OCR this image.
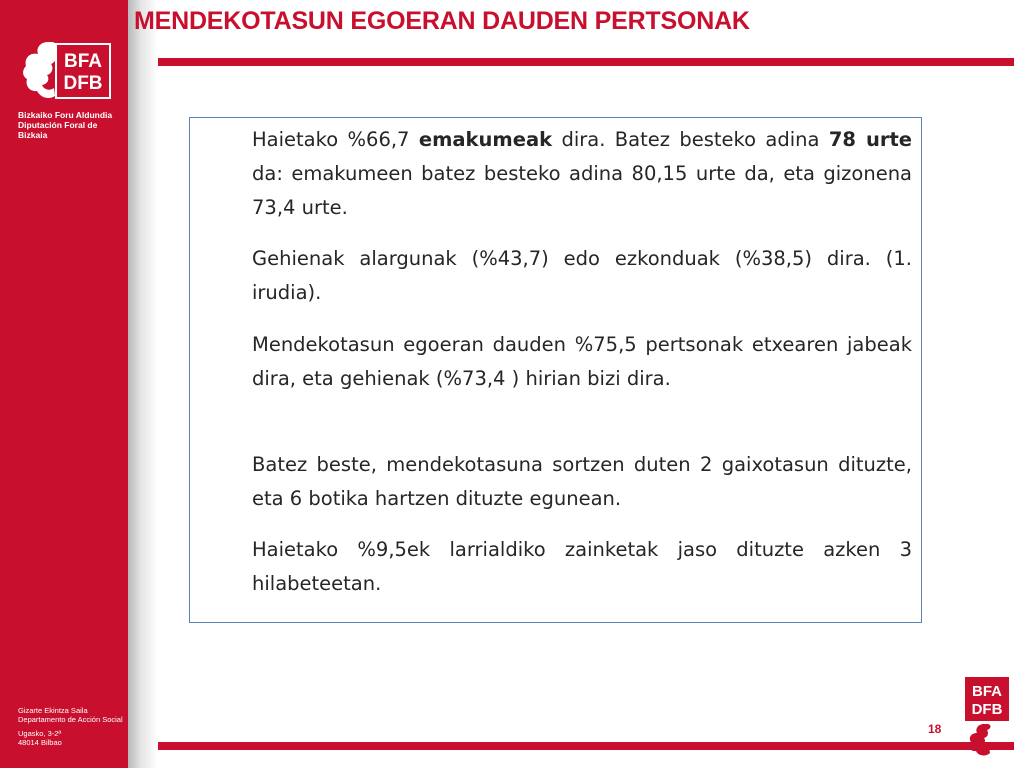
BFA
DFB
Bizkaiko Foru Aldundia
Diputación Foral de Bizkaia
Gizarte Ekintza Saila
Departamento de Acción Social
Ugasko, 3-2ª
48014 Bilbao
MENDEKOTASUN EGOERAN DAUDEN PERTSONAK

Haietako %66,7 emakumeak dira. Batez besteko adina 78 urte da: emakumeen batez besteko adina 80,15 urte da, eta gizonena 73,4 urte.

Gehienak alargunak (%43,7) edo ezkonduak (%38,5) dira. (1. irudia).

Mendekotasun egoeran dauden %75,5 pertsonak etxearen jabeak dira, eta gehienak (%73,4 ) hirian bizi dira.

Batez beste, mendekotasuna sortzen duten 2 gaixotasun dituzte, eta 6 botika hartzen dituzte egunean.

Haietako %9,5ek larrialdiko zainketak jaso dituzte azken 3 hilabeteetan.

18
BFA
DFB
